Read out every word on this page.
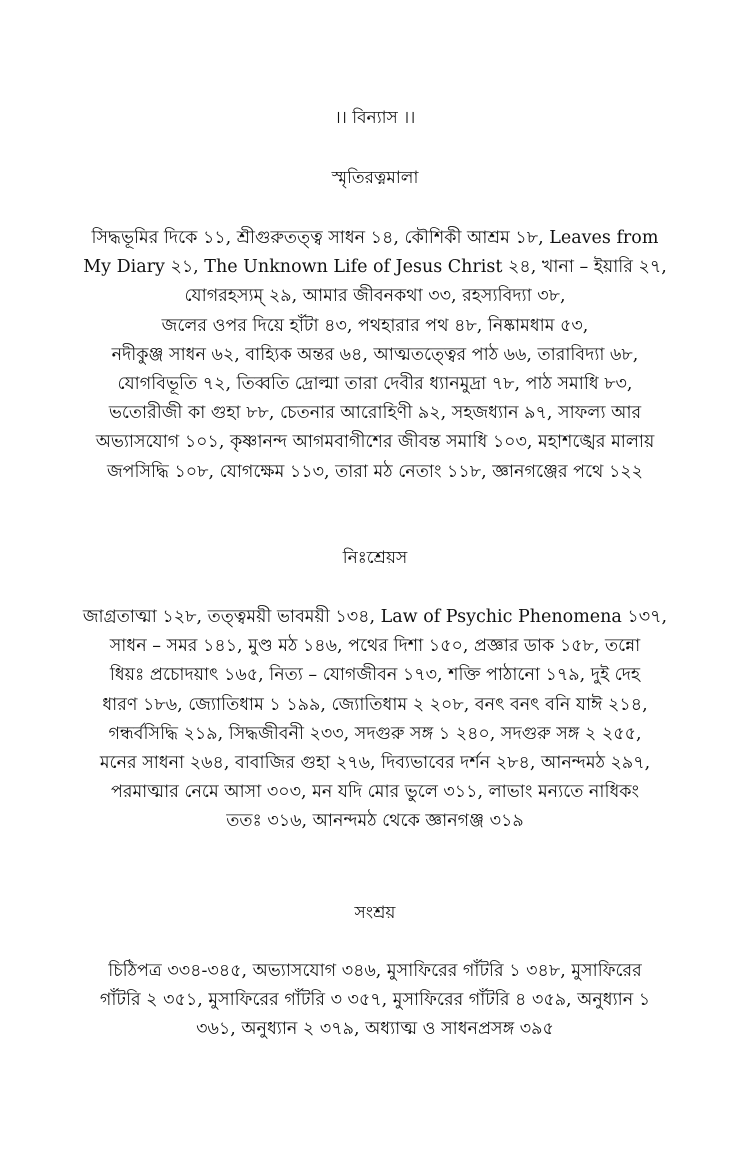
।। বিন্যাস ।।
স্মৃতিরত্নমালা

সিদ্ধভূমির দিকে ১১, শ্রীগুরুতত্ত্ব সাধন ১৪, কৌশিকী আশ্রম ১৮, Leaves from
My Diary ২১, The Unknown Life of Jesus Christ ২৪, খানা – ইয়ারি ২৭,
যোগরহস্যম্ ২৯, আমার জীবনকথা ৩৩, রহস্যবিদ্যা ৩৮,
জলের ওপর দিয়ে হাঁটা ৪৩, পথহারার পথ ৪৮, নিষ্কামধাম ৫৩,
নদীকুঞ্জ সাধন ৬২, বাহ্যিক অন্তর ৬৪, আত্মতত্ত্বের পাঠ ৬৬, তারাবিদ্যা ৬৮,
যোগবিভূতি ৭২, তিব্বতি দ্রোল্মা তারা দেবীর ধ্যানমুদ্রা ৭৮, পাঠ সমাধি ৮৩,
ভতোরীজী কা গুহা ৮৮, চেতনার আরোহিণী ৯২, সহজধ্যান ৯৭, সাফল্য আর
অভ্যাসযোগ ১০১, কৃষ্ণানন্দ আগমবাগীশের জীবন্ত সমাধি ১০৩, মহাশঙ্খের মালায়
জপসিদ্ধি ১০৮, যোগক্ষেম ১১৩, তারা মঠ নেতাং ১১৮, জ্ঞানগঞ্জের পথে ১২২

নিঃশ্রেয়স

জাগ্রতাত্মা ১২৮, তত্ত্বময়ী ভাবময়ী ১৩৪, Law of Psychic Phenomena ১৩৭,
সাধন – সমর ১৪১, মুণ্ড মঠ ১৪৬, পথের দিশা ১৫০, প্রজ্ঞার ডাক ১৫৮, তন্নো
ধিয়ঃ প্রচোদয়াৎ ১৬৫, নিত্য – যোগজীবন ১৭৩, শক্তি পাঠানো ১৭৯, দুই দেহ
ধারণ ১৮৬, জ্যোতিধাম ১ ১৯৯, জ্যোতিধাম ২ ২০৮, বনৎ বনৎ বনি যাঈ ২১৪,
গন্ধর্বসিদ্ধি ২১৯, সিদ্ধজীবনী ২৩৩, সদগুরু সঙ্গ ১ ২৪০, সদগুরু সঙ্গ ২ ২৫৫,
মনের সাধনা ২৬৪, বাবাজির গুহা ২৭৬, দিব্যভাবের দর্শন ২৮৪, আনন্দমঠ ২৯৭,
পরমাত্মার নেমে আসা ৩০৩, মন যদি মোর ভুলে ৩১১, লাভাং মন্যতে নাধিকং
ততঃ ৩১৬, আনন্দমঠ থেকে জ্ঞানগঞ্জ ৩১৯

সংশ্রয়

চিঠিপত্র ৩৩৪-৩৪৫, অভ্যাসযোগ ৩৪৬, মুসাফিরের গাঁটরি ১ ৩৪৮, মুসাফিরের
গাঁটরি ২ ৩৫১, মুসাফিরের গাঁটরি ৩ ৩৫৭, মুসাফিরের গাঁটরি ৪ ৩৫৯, অনুধ্যান ১
৩৬১, অনুধ্যান ২ ৩৭৯, অধ্যাত্ম ও সাধনপ্রসঙ্গ ৩৯৫
